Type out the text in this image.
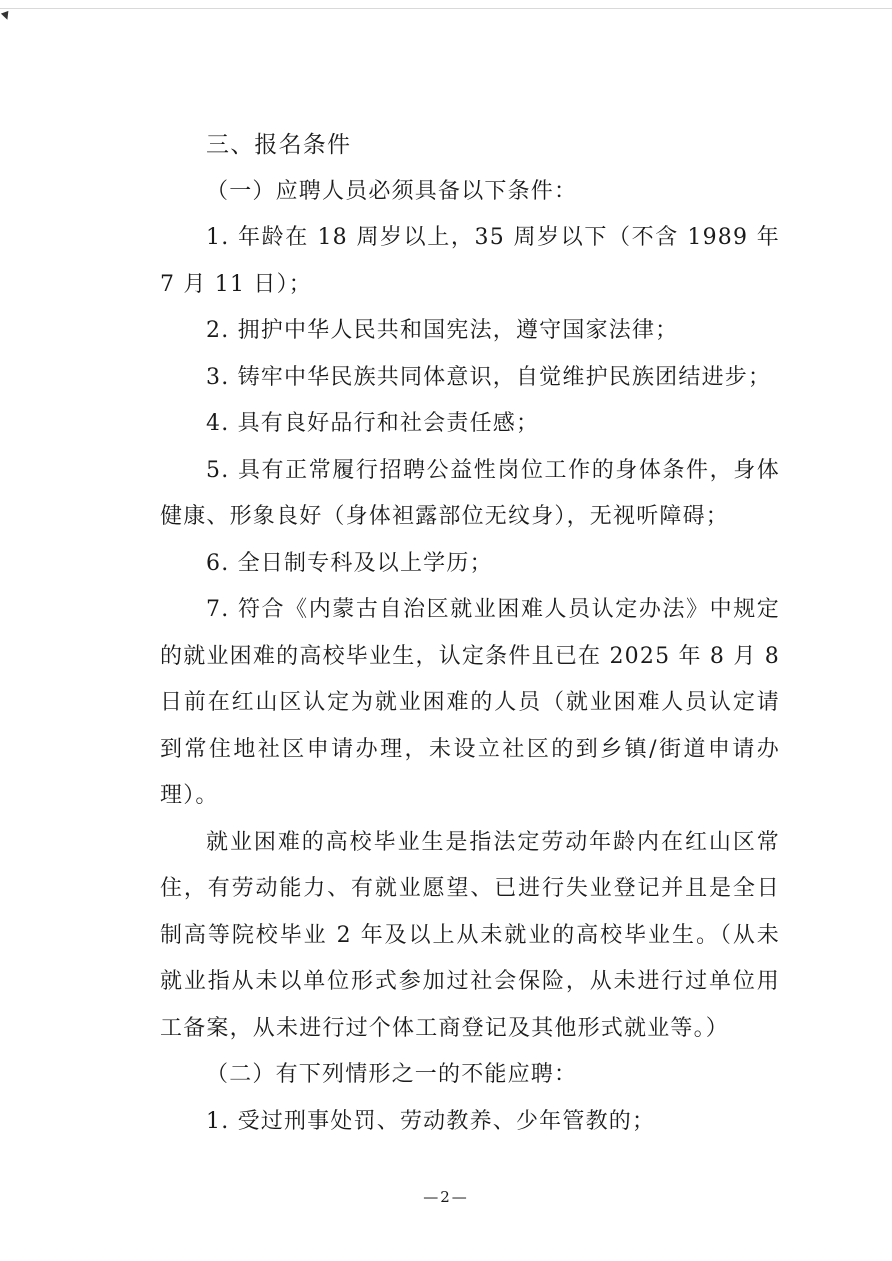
三、报名条件

（一）应聘人员必须具备以下条件：

1. 年龄在 18 周岁以上，35 周岁以下（不含 1989 年 7 月 11 日）；

2. 拥护中华人民共和国宪法，遵守国家法律；

3. 铸牢中华民族共同体意识，自觉维护民族团结进步；

4. 具有良好品行和社会责任感；

5. 具有正常履行招聘公益性岗位工作的身体条件，身体健康、形象良好（身体袒露部位无纹身），无视听障碍；

6. 全日制专科及以上学历；

7. 符合《内蒙古自治区就业困难人员认定办法》中规定的就业困难的高校毕业生，认定条件且已在 2025 年 8 月 8 日前在红山区认定为就业困难的人员（就业困难人员认定请到常住地社区申请办理，未设立社区的到乡镇/街道申请办理）。

就业困难的高校毕业生是指法定劳动年龄内在红山区常住，有劳动能力、有就业愿望、已进行失业登记并且是全日制高等院校毕业 2 年及以上从未就业的高校毕业生。（从未就业指从未以单位形式参加过社会保险，从未进行过单位用工备案，从未进行过个体工商登记及其他形式就业等。）

（二）有下列情形之一的不能应聘：

1. 受过刑事处罚、劳动教养、少年管教的；

—2—
